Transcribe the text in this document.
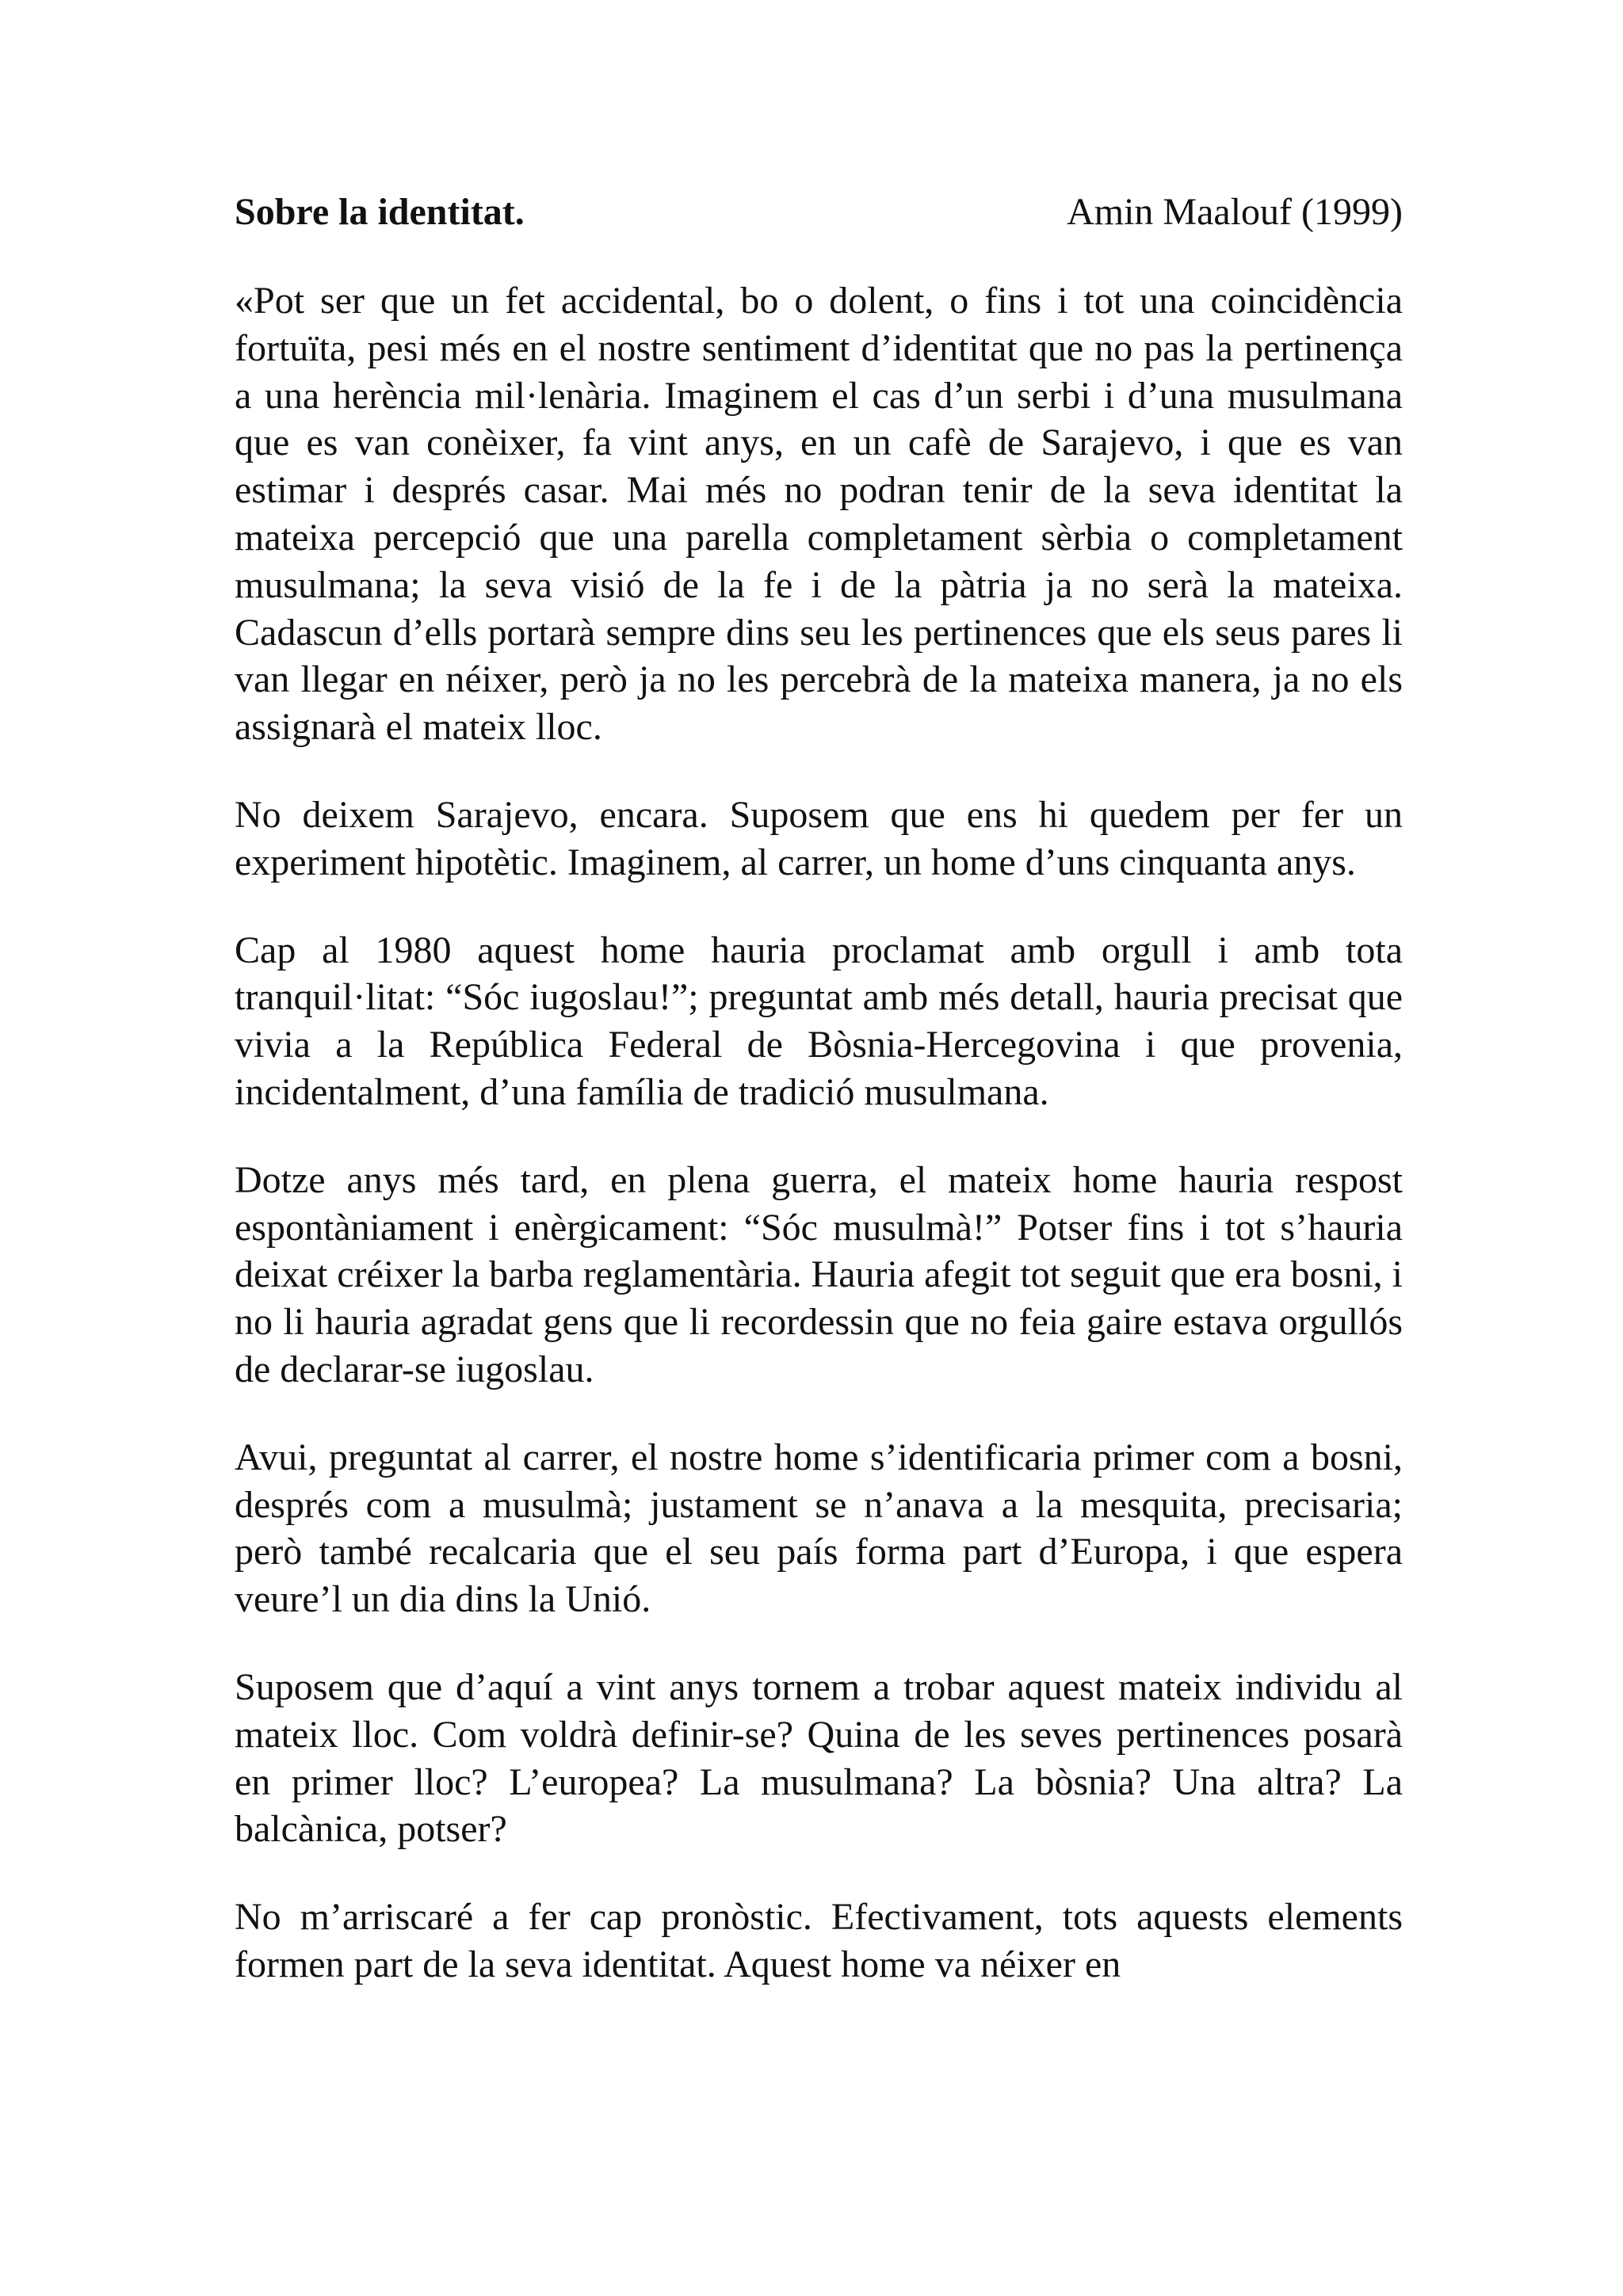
Sobre la identitat.	Amin Maalouf (1999)

«Pot ser que un fet accidental, bo o dolent, o fins i tot una coincidència fortuïta, pesi més en el nostre sentiment d’identitat que no pas la pertinença a una herència mil·lenària. Imaginem el cas d’un serbi i d’una musulmana que es van conèixer, fa vint anys, en un cafè de Sarajevo, i que es van estimar i després casar. Mai més no podran tenir de la seva identitat la mateixa percepció que una parella completament sèrbia o completament musulmana; la seva visió de la fe i de la pàtria ja no serà la mateixa. Cadascun d’ells portarà sempre dins seu les pertinences que els seus pares li van llegar en néixer, però ja no les percebrà de la mateixa manera, ja no els assignarà el mateix lloc.

No deixem Sarajevo, encara. Suposem que ens hi quedem per fer un experiment hipotètic. Imaginem, al carrer, un home d’uns cinquanta anys.

Cap al 1980 aquest home hauria proclamat amb orgull i amb tota tranquil·litat: “Sóc iugoslau!”; preguntat amb més detall, hauria precisat que vivia a la República Federal de Bòsnia-Hercegovina i que provenia, incidentalment, d’una família de tradició musulmana.

Dotze anys més tard, en plena guerra, el mateix home hauria respost espontàniament i enèrgicament: “Sóc musulmà!” Potser fins i tot s’hauria deixat créixer la barba reglamentària. Hauria afegit tot seguit que era bosni, i no li hauria agradat gens que li recordessin que no feia gaire estava orgullós de declarar-se iugoslau.

Avui, preguntat al carrer, el nostre home s’identificaria primer com a bosni, després com a musulmà; justament se n’anava a la mesquita, precisaria; però també recalcaria que el seu país forma part d’Europa, i que espera veure’l un dia dins la Unió.

Suposem que d’aquí a vint anys tornem a trobar aquest mateix individu al mateix lloc. Com voldrà definir-se? Quina de les seves pertinences posarà en primer lloc? L’europea? La musulmana? La bòsnia? Una altra? La balcànica, potser?

No m’arriscaré a fer cap pronòstic. Efectivament, tots aquests elements formen part de la seva identitat. Aquest home va néixer en
